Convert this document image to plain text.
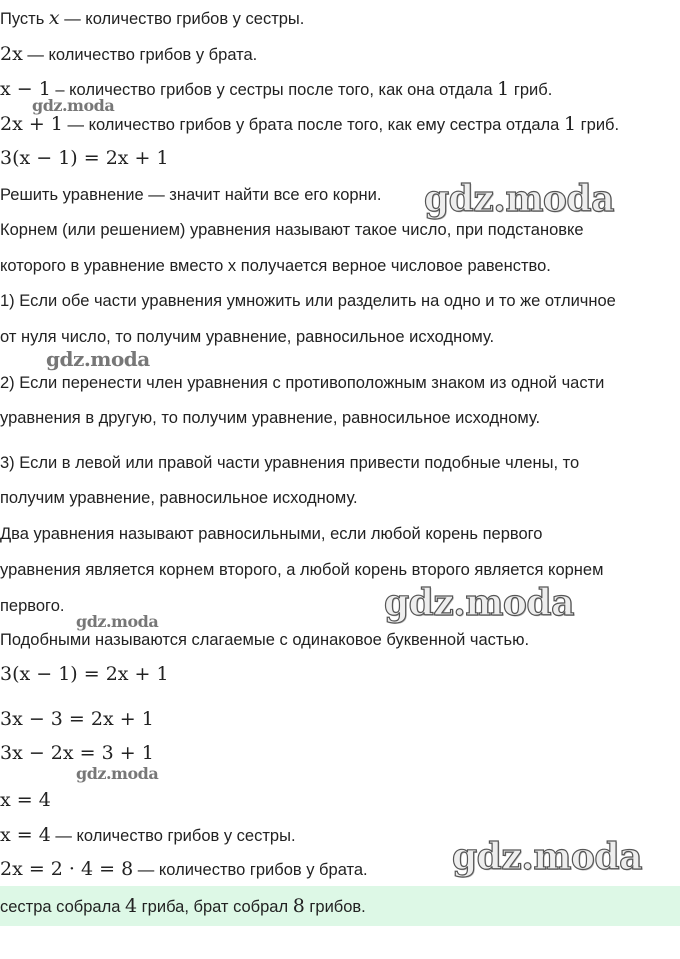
Пусть x — количество грибов у сестры.
2x — количество грибов у брата.
x − 1 – количество грибов у сестры после того, как она отдала 1 гриб.
2x + 1 — количество грибов у брата после того, как ему сестра отдала 1 гриб.
3(x − 1) = 2x + 1
Решить уравнение — значит найти все его корни.
Корнем (или решением) уравнения называют такое число, при подстановке
которого в уравнение вместо х получается верное числовое равенство.
1) Если обе части уравнения умножить или разделить на одно и то же отличное
от нуля число, то получим уравнение, равносильное исходному.
2) Если перенести член уравнения с противоположным знаком из одной части
уравнения в другую, то получим уравнение, равносильное исходному.
3) Если в левой или правой части уравнения привести подобные члены, то
получим уравнение, равносильное исходному.
Два уравнения называют равносильными, если любой корень первого
уравнения является корнем второго, а любой корень второго является корнем
первого.
Подобными называются слагаемые с одинаковое буквенной частью.
3(x − 1) = 2x + 1
3x − 3 = 2x + 1
3x − 2x = 3 + 1
x = 4
x = 4 — количество грибов у сестры.
2x = 2 · 4 = 8 — количество грибов у брата.
сестра собрала 4 гриба, брат собрал 8 грибов.
gdz.moda
gdz.moda
gdz.moda
gdz.moda
gdz.moda
gdz.moda
gdz.moda
